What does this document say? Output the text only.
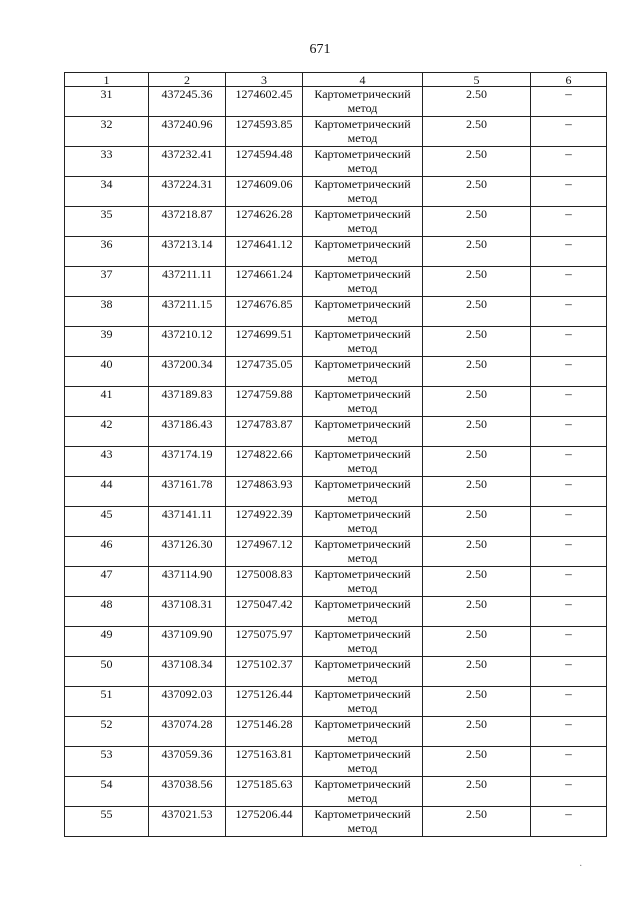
671
1	2	3	4	5	6
31	437245.36	1274602.45	Картометрический метод	2.50	–
32	437240.96	1274593.85	Картометрический метод	2.50	–
33	437232.41	1274594.48	Картометрический метод	2.50	–
34	437224.31	1274609.06	Картометрический метод	2.50	–
35	437218.87	1274626.28	Картометрический метод	2.50	–
36	437213.14	1274641.12	Картометрический метод	2.50	–
37	437211.11	1274661.24	Картометрический метод	2.50	–
38	437211.15	1274676.85	Картометрический метод	2.50	–
39	437210.12	1274699.51	Картометрический метод	2.50	–
40	437200.34	1274735.05	Картометрический метод	2.50	–
41	437189.83	1274759.88	Картометрический метод	2.50	–
42	437186.43	1274783.87	Картометрический метод	2.50	–
43	437174.19	1274822.66	Картометрический метод	2.50	–
44	437161.78	1274863.93	Картометрический метод	2.50	–
45	437141.11	1274922.39	Картометрический метод	2.50	–
46	437126.30	1274967.12	Картометрический метод	2.50	–
47	437114.90	1275008.83	Картометрический метод	2.50	–
48	437108.31	1275047.42	Картометрический метод	2.50	–
49	437109.90	1275075.97	Картометрический метод	2.50	–
50	437108.34	1275102.37	Картометрический метод	2.50	–
51	437092.03	1275126.44	Картометрический метод	2.50	–
52	437074.28	1275146.28	Картометрический метод	2.50	–
53	437059.36	1275163.81	Картометрический метод	2.50	–
54	437038.56	1275185.63	Картометрический метод	2.50	–
55	437021.53	1275206.44	Картометрический метод	2.50	–
.
